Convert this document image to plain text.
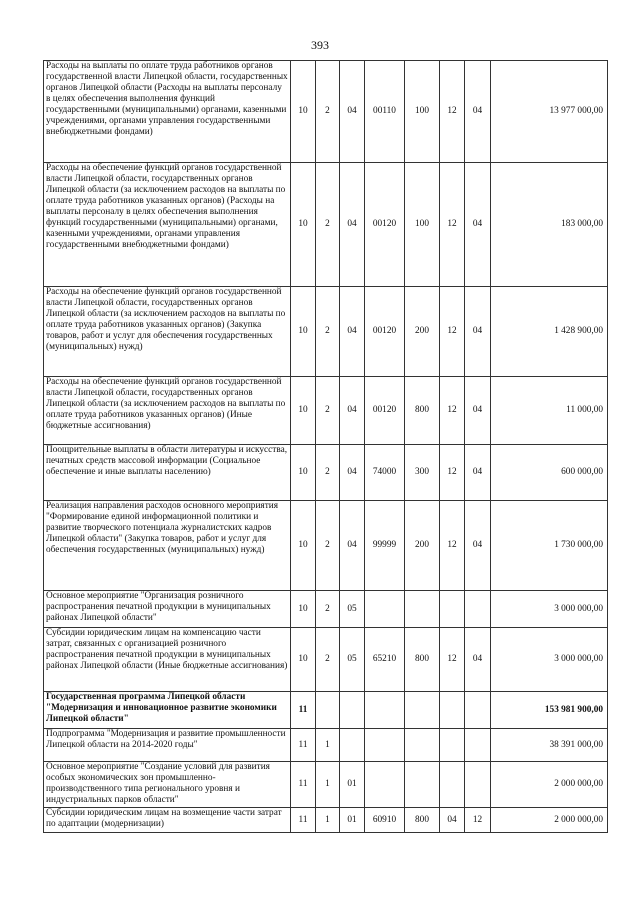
393
Расходы на выплаты по оплате труда работников органов государственной власти Липецкой области, государственных органов Липецкой области (Расходы на выплаты персоналу в целях обеспечения выполнения функций государственными (муниципальными) органами, казенными учреждениями, органами управления государственными внебюджетными фондами)	10	2	04	00110	100	12	04	13 977 000,00
Расходы на обеспечение функций органов государственной власти Липецкой области, государственных органов Липецкой области (за исключением расходов на выплаты по оплате труда работников указанных органов) (Расходы на выплаты персоналу в целях обеспечения выполнения функций государственными (муниципальными) органами, казенными учреждениями, органами управления государственными внебюджетными фондами)	10	2	04	00120	100	12	04	183 000,00
Расходы на обеспечение функций органов государственной власти Липецкой области, государственных органов Липецкой области (за исключением расходов на выплаты по оплате труда работников указанных органов) (Закупка товаров, работ и услуг для обеспечения государственных (муниципальных) нужд)	10	2	04	00120	200	12	04	1 428 900,00
Расходы на обеспечение функций органов государственной власти Липецкой области, государственных органов Липецкой области (за исключением расходов на выплаты по оплате труда работников указанных органов) (Иные бюджетные ассигнования)	10	2	04	00120	800	12	04	11 000,00
Поощрительные выплаты в области литературы и искусства, печатных средств массовой информации (Социальное обеспечение и иные выплаты населению)	10	2	04	74000	300	12	04	600 000,00
Реализация направления расходов основного мероприятия "Формирование единой информационной политики и развитие творческого потенциала журналистских кадров Липецкой области" (Закупка товаров, работ и услуг для обеспечения государственных (муниципальных) нужд)	10	2	04	99999	200	12	04	1 730 000,00
Основное мероприятие "Организация розничного распространения печатной продукции в муниципальных районах Липецкой области"	10	2	05					3 000 000,00
Субсидии юридическим лицам на компенсацию части затрат, связанных с организацией розничного распространения печатной продукции в муниципальных районах Липецкой области (Иные бюджетные ассигнования)	10	2	05	65210	800	12	04	3 000 000,00
Государственная программа Липецкой области "Модернизация и инновационное развитие экономики Липецкой области"	11							153 981 900,00
Подпрограмма "Модернизация и развитие промышленности Липецкой области на 2014-2020 годы"	11	1						38 391 000,00
Основное мероприятие "Создание условий для развития особых экономических зон промышленно-производственного типа регионального уровня и индустриальных парков области"	11	1	01					2 000 000,00
Субсидии юридическим лицам на возмещение части затрат по адаптации (модернизации)	11	1	01	60910	800	04	12	2 000 000,00
